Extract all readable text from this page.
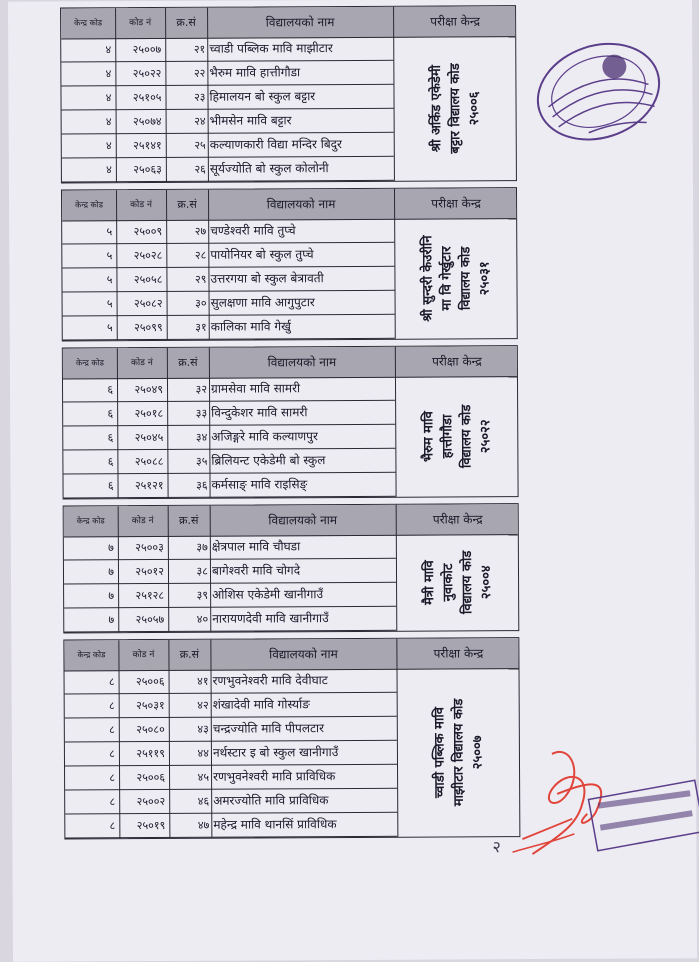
केन्द्र कोड	कोड नं	क्र.सं	विद्यालयको नाम	परीक्षा केन्द्र
४	२५००७	२१ च्वाडी पब्लिक मावि माझीटार
४	२५०२२	२२ भैरुम मावि हात्तीगौडा
४	२५१०५	२३ हिमालयन बो स्कुल बट्टार
४	२५०७४	२४ भीमसेन मावि बट्टार
४	२५१४१	२५ कल्याणकारी विद्या मन्दिर बिदुर
४	२५०६३	२६ सूर्यज्योति बो स्कुल कोलोनी
श्री अर्किड एकेडेमी बट्टार विद्यालय कोड २५००६
केन्द्र कोड	कोड नं	क्र.सं	विद्यालयको नाम	परीक्षा केन्द्र
५	२५००९	२७ चण्डेश्वरी मावि तुप्चे
५	२५०२८	२८ पायोनियर बो स्कुल तुप्चे
५	२५०५८	२९ उत्तरगया बो स्कुल बेत्रावती
५	२५०८२	३० सुलक्षणा मावि आगुपुटार
५	२५०९९	३१ कालिका मावि गेर्खु
श्री सुन्दरी केउरीनि मा वि गेर्खुटार विद्यालय कोड २५०३१
केन्द्र कोड	कोड नं	क्र.सं	विद्यालयको नाम	परीक्षा केन्द्र
६	२५०४९	३२ ग्रामसेवा मावि सामरी
६	२५०१८	३३ विन्दुकेशर मावि सामरी
६	२५०४५	३४ अजिङ्गरे मावि कल्याणपुर
६	२५०८८	३५ ब्रिलियन्ट एकेडेमी बो स्कुल
६	२५१२१	३६ कर्मसाङ् मावि राइसिङ्
भैरुम मावि हात्तीगौडा विद्यालय कोड २५०२२
केन्द्र कोड	कोड नं	क्र.सं	विद्यालयको नाम	परीक्षा केन्द्र
७	२५००३	३७ क्षेत्रपाल मावि चौघडा
७	२५०१२	३८ बागेश्वरी मावि चोगदे
७	२५१२८	३९ ओशिस एकेडेमी खानीगाउँ
७	२५०५७	४० नारायणदेवी मावि खानीगाउँ
मैत्री मावि नुवाकोट विद्यालय कोड २५००४
केन्द्र कोड	कोड नं	क्र.सं	विद्यालयको नाम	परीक्षा केन्द्र
८	२५००६	४१ रणभुवनेश्वरी मावि देवीघाट
८	२५०३१	४२ शंखादेवी मावि गोर्स्याङ
८	२५०८०	४३ चन्द्रज्योति मावि पीपलटार
८	२५११९	४४ नर्थस्टार इ बो स्कुल खानीगाउँ
८	२५००६	४५ रणभुवनेश्वरी मावि प्राविधिक
८	२५००२	४६ अमरज्योति मावि प्राविधिक
८	२५०१९	४७ महेन्द्र मावि थानसिं प्राविधिक
च्वाडी पब्लिक मावि माझीटार विद्यालय कोड २५००७
२
